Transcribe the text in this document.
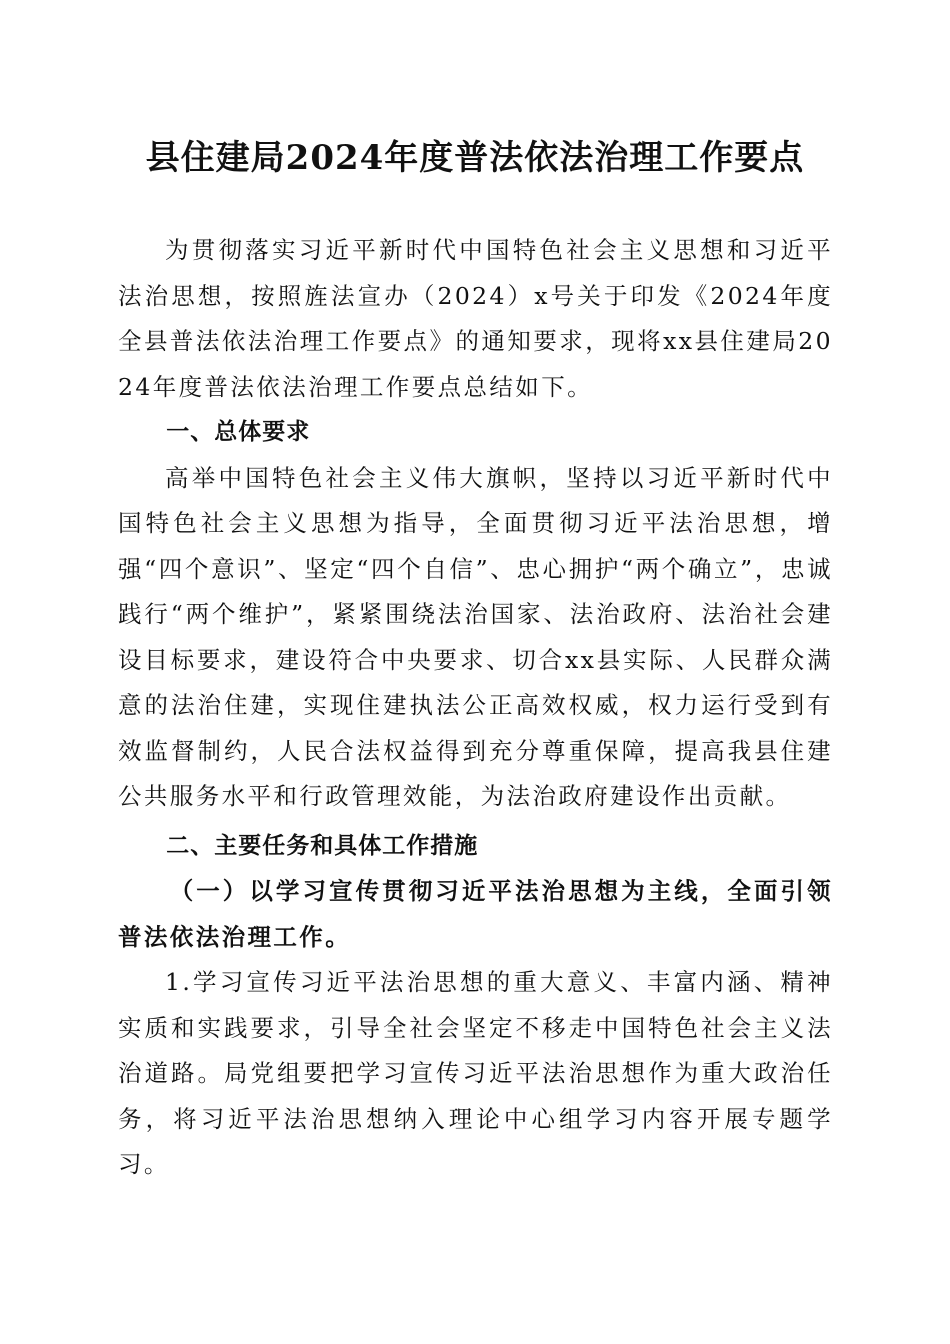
县住建局2024年度普法依法治理工作要点

为贯彻落实习近平新时代中国特色社会主义思想和习近平法治思想，按照旌法宣办（2024）x号关于印发《2024年度全县普法依法治理工作要点》的通知要求，现将xx县住建局2024年度普法依法治理工作要点总结如下。

一、总体要求

高举中国特色社会主义伟大旗帜，坚持以习近平新时代中国特色社会主义思想为指导，全面贯彻习近平法治思想，增强“四个意识”、坚定“四个自信”、忠心拥护“两个确立”，忠诚践行“两个维护”，紧紧围绕法治国家、法治政府、法治社会建设目标要求，建设符合中央要求、切合xx县实际、人民群众满意的法治住建，实现住建执法公正高效权威，权力运行受到有效监督制约，人民合法权益得到充分尊重保障，提高我县住建公共服务水平和行政管理效能，为法治政府建设作出贡献。

二、主要任务和具体工作措施

（一）以学习宣传贯彻习近平法治思想为主线，全面引领普法依法治理工作。

1.学习宣传习近平法治思想的重大意义、丰富内涵、精神实质和实践要求，引导全社会坚定不移走中国特色社会主义法治道路。局党组要把学习宣传习近平法治思想作为重大政治任务，将习近平法治思想纳入理论中心组学习内容开展专题学习。
